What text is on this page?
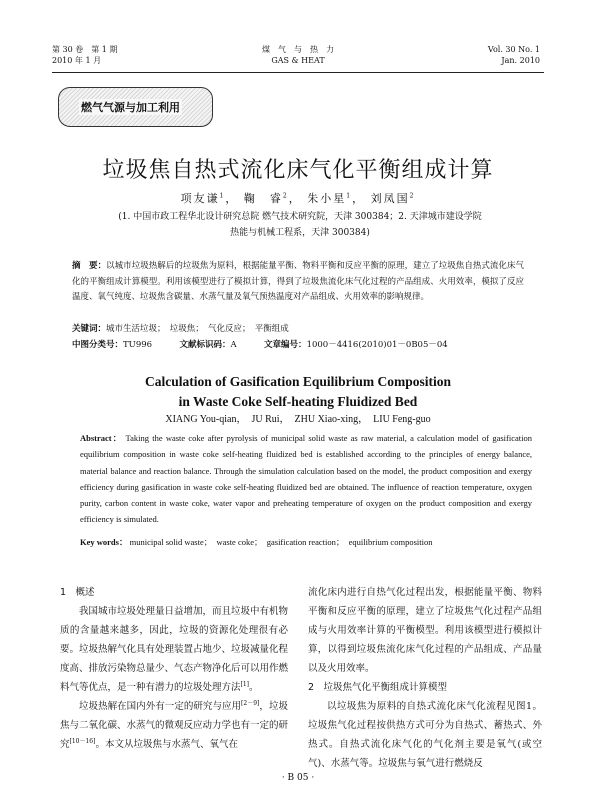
第 30 卷　第 1 期
2010 年 1 月
煤　气　与　热　力
GAS & HEAT
Vol. 30 No. 1
Jan. 2010
燃气气源与加工利用
垃圾焦自热式流化床气化平衡组成计算
项友谦$^1$， 鞠　睿$^2$， 朱小星$^1$， 刘凤国$^2$
(1. 中国市政工程华北设计研究总院 燃气技术研究院，天津 300384；2. 天津城市建设学院
热能与机械工程系，天津 300384)
摘　要：以城市垃圾热解后的垃圾焦为原料，根据能量平衡、物料平衡和反应平衡的原理，建立了垃圾焦自热式流化床气化的平衡组成计算模型。利用该模型进行了模拟计算，得到了垃圾焦流化床气化过程的产品组成、火用效率，模拟了反应温度、氧气纯度、垃圾焦含碳量、水蒸气量及氧气预热温度对产品组成、火用效率的影响规律。
关键词：城市生活垃圾；　垃圾焦；　气化反应；　平衡组成
中图分类号：TU996	文献标识码：A	文章编号：1000－4416(2010)01－0B05－04
Calculation of Gasification Equilibrium Composition
in Waste Coke Self-heating Fluidized Bed
XIANG You-qian，　JU Rui，　ZHU Xiao-xing，　LIU Feng-guo
Abstract： Taking the waste coke after pyrolysis of municipal solid waste as raw material, a calculation model of gasification equilibrium composition in waste coke self-heating fluidized bed is established according to the principles of energy balance, material balance and reaction balance. Through the simulation calculation based on the model, the product composition and exergy efficiency during gasification in waste coke self-heating fluidized bed are obtained. The influence of reaction temperature, oxygen purity, carbon content in waste coke, water vapor and preheating temperature of oxygen on the product composition and exergy efficiency is simulated.
Key words： municipal solid waste；　waste coke；　gasification reaction；　equilibrium composition
1　概述

我国城市垃圾处理量日益增加，而且垃圾中有机物质的含量越来越多，因此，垃圾的资源化处理很有必要。垃圾热解气化具有处理装置占地少、垃圾减量化程度高、排放污染物总量少、气态产物净化后可以用作燃料气等优点，是一种有潜力的垃圾处理方法[1]。

垃圾热解在国内外有一定的研究与应用[2－9]，垃圾焦与二氧化碳、水蒸气的微观反应动力学也有一定的研究[10－16]。本文从垃圾焦与水蒸气、氧气在

流化床内进行自热气化过程出发，根据能量平衡、物料平衡和反应平衡的原理，建立了垃圾焦气化过程产品组成与火用效率计算的平衡模型。利用该模型进行模拟计算，以得到垃圾焦流化床气化过程的产品组成、产品量以及火用效率。

2　垃圾焦气化平衡组成计算模型

以垃圾焦为原料的自热式流化床气化流程见图1。垃圾焦气化过程按供热方式可分为自热式、蓄热式、外热式。自热式流化床气化的气化剂主要是氧气(或空气)、水蒸气等。垃圾焦与氧气进行燃烧反

· B 05 ·
